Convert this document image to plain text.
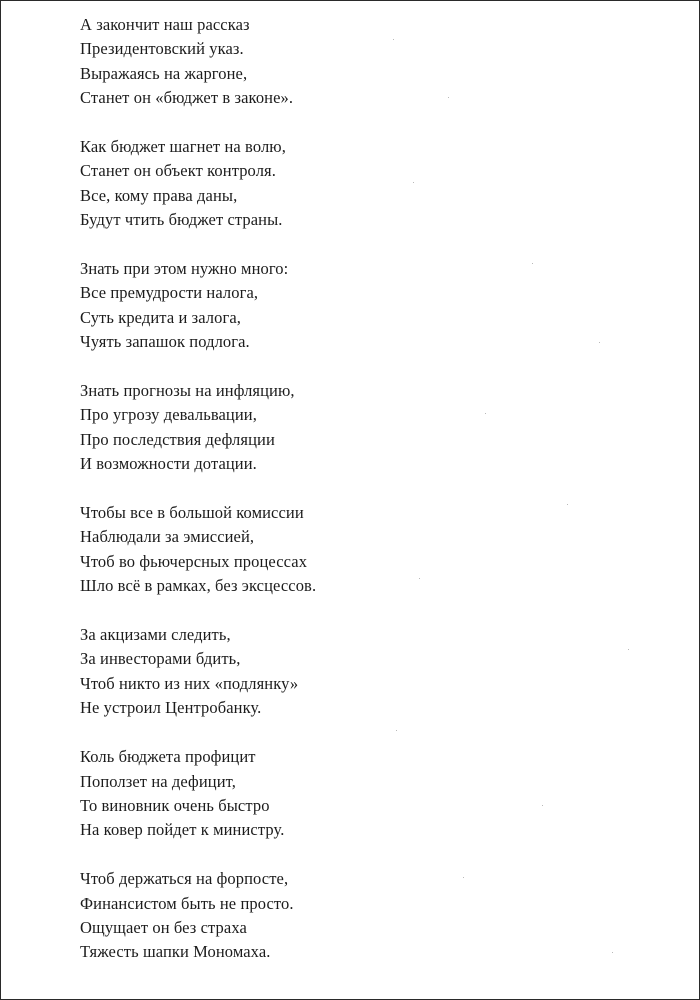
А закончит наш рассказ
Президентовский указ.
Выражаясь на жаргоне,
Станет он «бюджет в законе».
Как бюджет шагнет на волю,
Станет он объект контроля.
Все, кому права даны,
Будут чтить бюджет страны.
Знать при этом нужно много:
Все премудрости налога,
Суть кредита и залога,
Чуять запашок подлога.
Знать прогнозы на инфляцию,
Про угрозу девальвации,
Про последствия дефляции
И возможности дотации.
Чтобы все в большой комиссии
Наблюдали за эмиссией,
Чтоб во фьючерсных процессах
Шло всё в рамках, без эксцессов.
За акцизами следить,
За инвесторами бдить,
Чтоб никто из них «подлянку»
Не устроил Центробанку.
Коль бюджета профицит
Поползет на дефицит,
То виновник очень быстро
На ковер пойдет к министру.
Чтоб держаться на форпосте,
Финансистом быть не просто.
Ощущает он без страха
Тяжесть шапки Мономаха.
